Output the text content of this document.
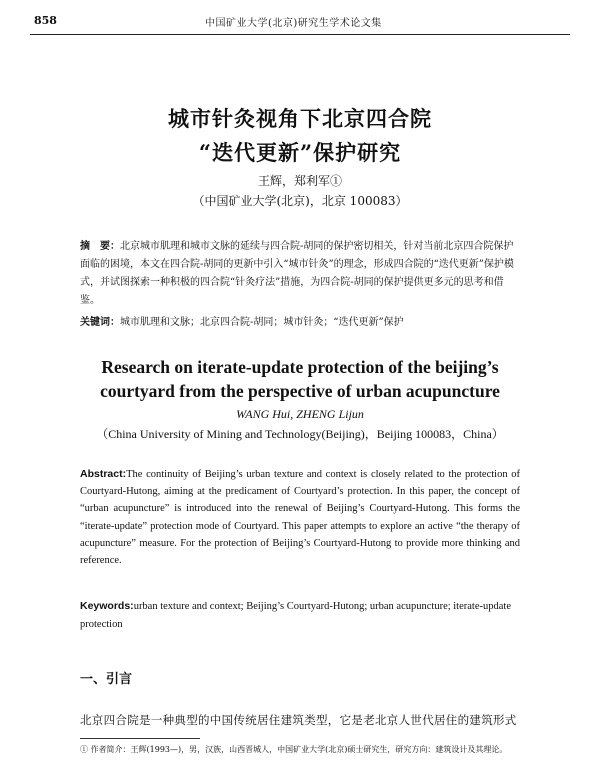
858	中国矿业大学(北京)研究生学术论文集
城市针灸视角下北京四合院
“迭代更新”保护研究
王辉，郑利军①
（中国矿业大学(北京)，北京 100083）
摘　要：北京城市肌理和城市文脉的延续与四合院-胡同的保护密切相关，针对当前北京四合院保护面临的困境，本文在四合院-胡同的更新中引入“城市针灸”的理念，形成四合院的“迭代更新”保护模式，并试图探索一种积极的四合院“针灸疗法”措施，为四合院-胡同的保护提供更多元的思考和借鉴。
关键词：城市肌理和文脉；北京四合院-胡同；城市针灸；“迭代更新”保护
Research on iterate-update protection of the beijing’s
courtyard from the perspective of urban acupuncture
WANG Hui, ZHENG Lijun
（China University of Mining and Technology(Beijing)，Beijing 100083，China）
Abstract:The continuity of Beijing’s urban texture and context is closely related to the protection of Courtyard-Hutong, aiming at the predicament of Courtyard’s protection. In this paper, the concept of “urban acupuncture” is introduced into the renewal of Beijing’s Courtyard-Hutong. This forms the “iterate-update” protection mode of Courtyard. This paper attempts to explore an active “the therapy of acupuncture” measure. For the protection of Beijing’s Courtyard-Hutong to provide more thinking and reference.
Keywords:urban texture and context; Beijing’s Courtyard-Hutong; urban acupuncture; iterate-update protection
一、引言
北京四合院是一种典型的中国传统居住建筑类型，它是老北京人世代居住的建筑形式
① 作者简介：王辉(1993—)，男，汉族，山西晋城人，中国矿业大学(北京)硕士研究生，研究方向：建筑设计及其理论。
